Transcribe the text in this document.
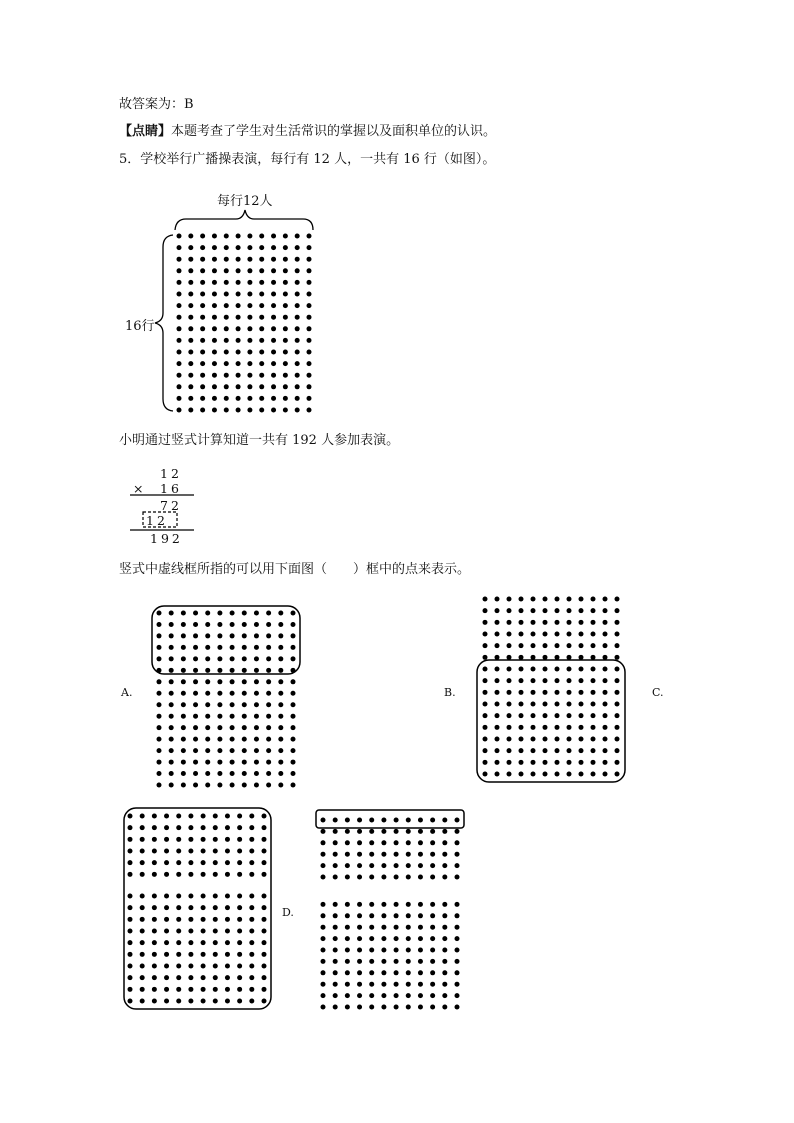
故答案为：B
【点睛】本题考查了学生对生活常识的掌握以及面积单位的认识。
5．学校举行广播操表演，每行有 12 人，一共有 16 行（如图）。
每行12人
16行
小明通过竖式计算知道一共有 192 人参加表演。
12
× 16
72
12
192
竖式中虚线框所指的可以用下面图（　　）框中的点来表示。
A.	B.	C.
D.
